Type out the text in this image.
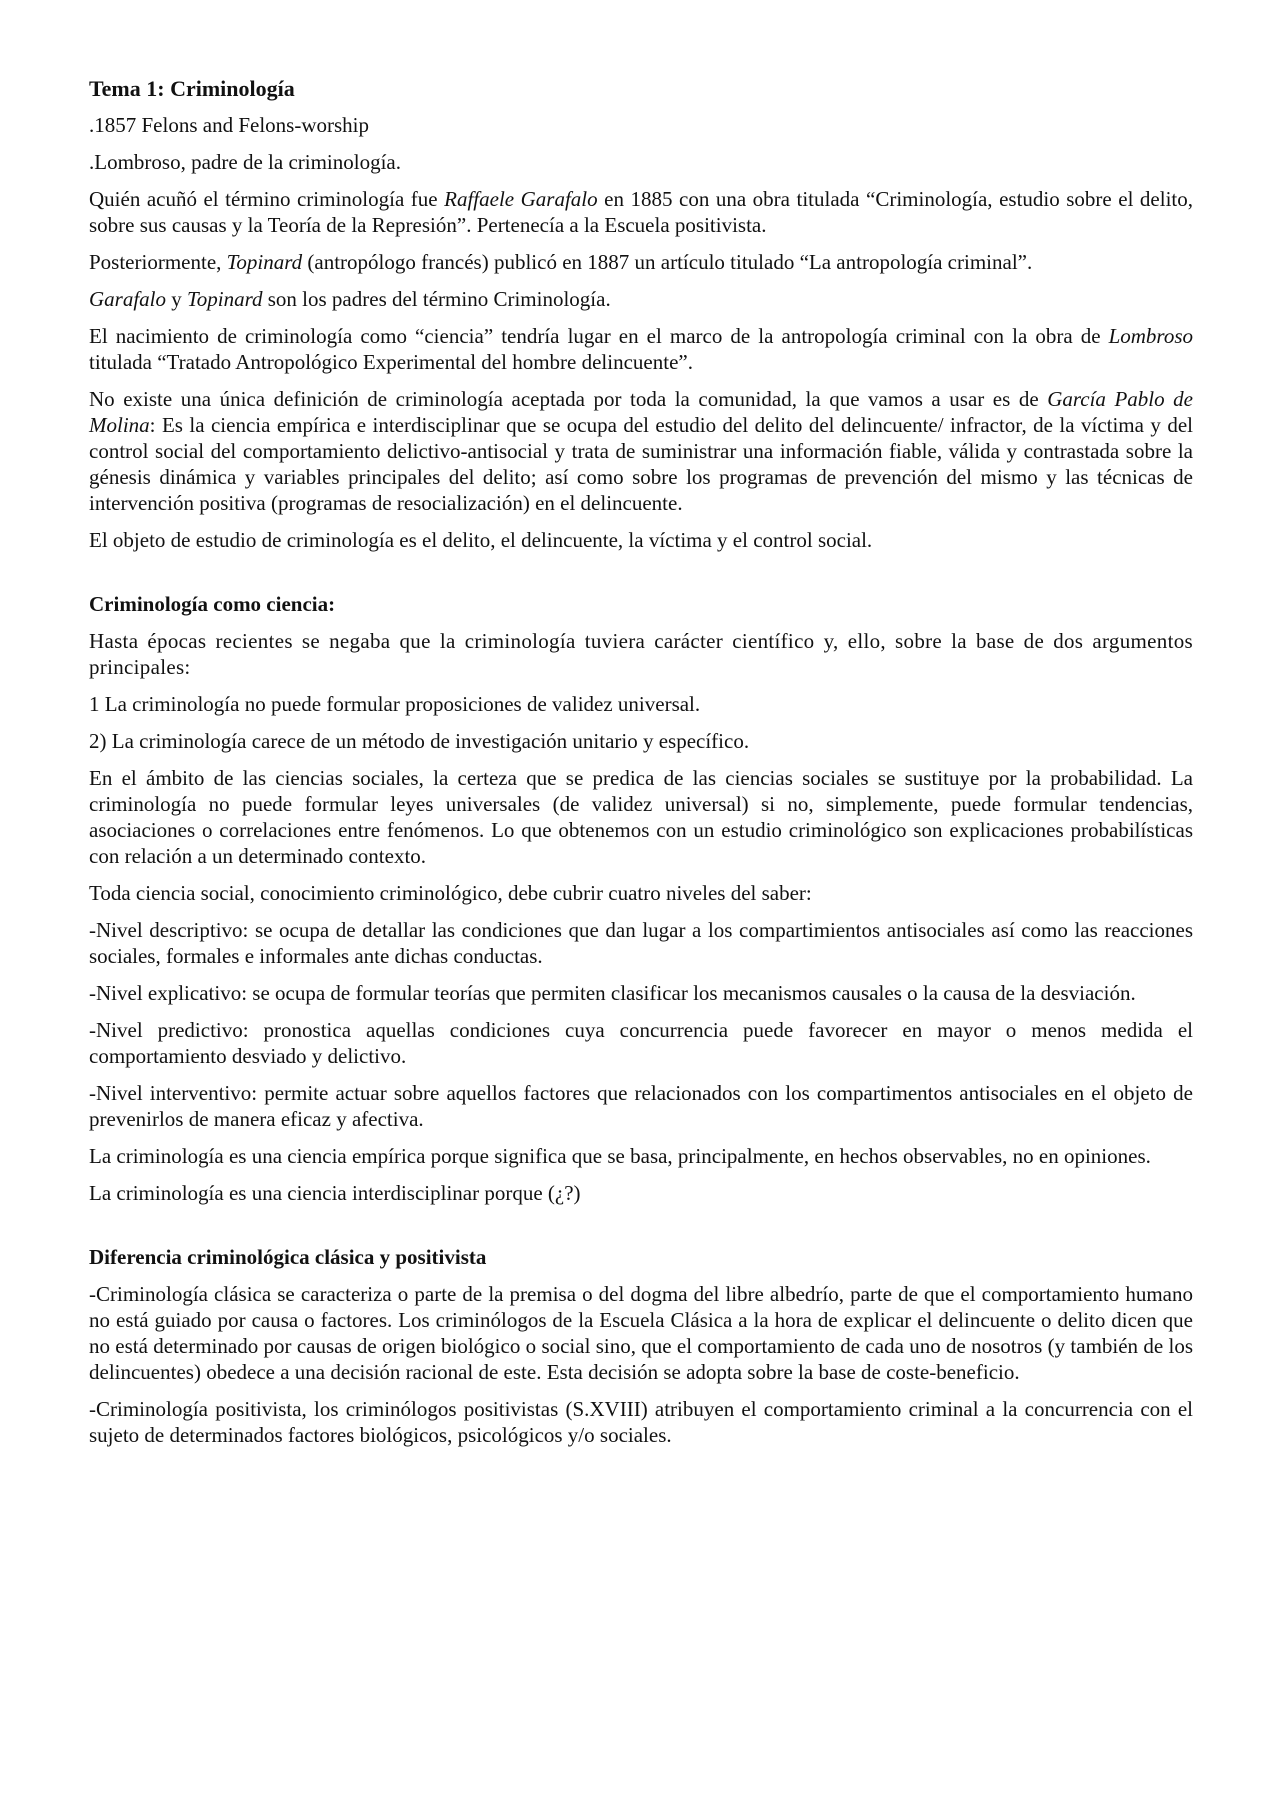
Tema 1: Criminología

.1857 Felons and Felons-worship

.Lombroso, padre de la criminología.

Quién acuñó el término criminología fue Raffaele Garafalo en 1885 con una obra titulada “Criminología, estudio sobre el delito, sobre sus causas y la Teoría de la Represión”. Pertenecía a la Escuela positivista.

Posteriormente, Topinard (antropólogo francés) publicó en 1887 un artículo titulado “La antropología criminal”.

Garafalo y Topinard son los padres del término Criminología.

El nacimiento de criminología como “ciencia” tendría lugar en el marco de la antropología criminal con la obra de Lombroso titulada “Tratado Antropológico Experimental del hombre delincuente”.

No existe una única definición de criminología aceptada por toda la comunidad, la que vamos a usar es de García Pablo de Molina: Es la ciencia empírica e interdisciplinar que se ocupa del estudio del delito del delincuente/ infractor, de la víctima y del control social del comportamiento delictivo-antisocial y trata de suministrar una información fiable, válida y contrastada sobre la génesis dinámica y variables principales del delito; así como sobre los programas de prevención del mismo y las técnicas de intervención positiva (programas de resocialización) en el delincuente.

El objeto de estudio de criminología es el delito, el delincuente, la víctima y el control social.

Criminología como ciencia:

Hasta épocas recientes se negaba que la criminología tuviera carácter científico y, ello, sobre la base de dos argumentos principales:

1 La criminología no puede formular proposiciones de validez universal.

2) La criminología carece de un método de investigación unitario y específico.

En el ámbito de las ciencias sociales, la certeza que se predica de las ciencias sociales se sustituye por la probabilidad. La criminología no puede formular leyes universales (de validez universal) si no, simplemente, puede formular tendencias, asociaciones o correlaciones entre fenómenos. Lo que obtenemos con un estudio criminológico son explicaciones probabilísticas con relación a un determinado contexto.

Toda ciencia social, conocimiento criminológico, debe cubrir cuatro niveles del saber:

-Nivel descriptivo: se ocupa de detallar las condiciones que dan lugar a los compartimientos antisociales así como las reacciones sociales, formales e informales ante dichas conductas.

-Nivel explicativo: se ocupa de formular teorías que permiten clasificar los mecanismos causales o la causa de la desviación.

-Nivel predictivo: pronostica aquellas condiciones cuya concurrencia puede favorecer en mayor o menos medida el comportamiento desviado y delictivo.

-Nivel interventivo: permite actuar sobre aquellos factores que relacionados con los compartimentos antisociales en el objeto de prevenirlos de manera eficaz y afectiva.

La criminología es una ciencia empírica porque significa que se basa, principalmente, en hechos observables, no en opiniones.

La criminología es una ciencia interdisciplinar porque (¿?)

Diferencia criminológica clásica y positivista

-Criminología clásica se caracteriza o parte de la premisa o del dogma del libre albedrío, parte de que el comportamiento humano no está guiado por causa o factores. Los criminólogos de la Escuela Clásica a la hora de explicar el delincuente o delito dicen que no está determinado por causas de origen biológico o social sino, que el comportamiento de cada uno de nosotros (y también de los delincuentes) obedece a una decisión racional de este. Esta decisión se adopta sobre la base de coste-beneficio.

-Criminología positivista, los criminólogos positivistas (S.XVIII) atribuyen el comportamiento criminal a la concurrencia con el sujeto de determinados factores biológicos, psicológicos y/o sociales.
